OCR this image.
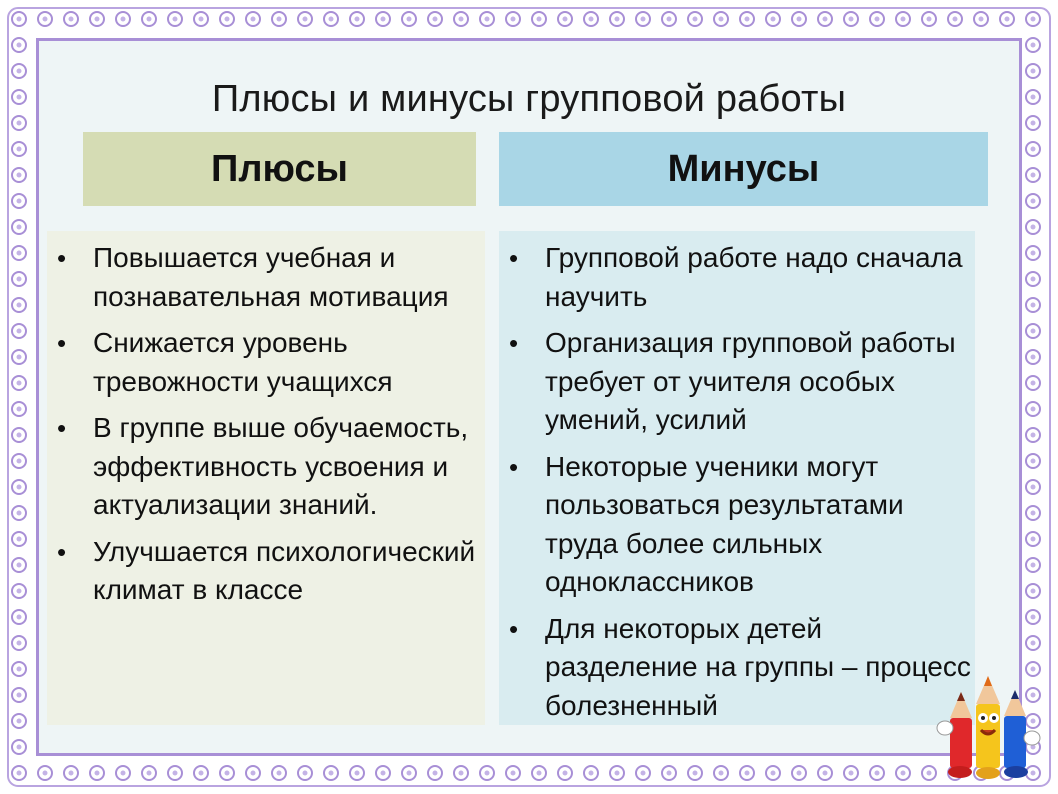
Плюсы и минусы групповой работы
Плюсы	Минусы
• Повышается учебная и познавательная мотивация
• Снижается уровень тревожности учащихся
• В группе выше обучаемость, эффективность усвоения и актуализации знаний.
• Улучшается психологический климат в классе
• Групповой работе надо сначала научить
• Организация групповой работы требует от учителя особых умений, усилий
• Некоторые ученики могут пользоваться результатами труда более сильных одноклассников
• Для некоторых детей разделение на группы – процесс болезненный
